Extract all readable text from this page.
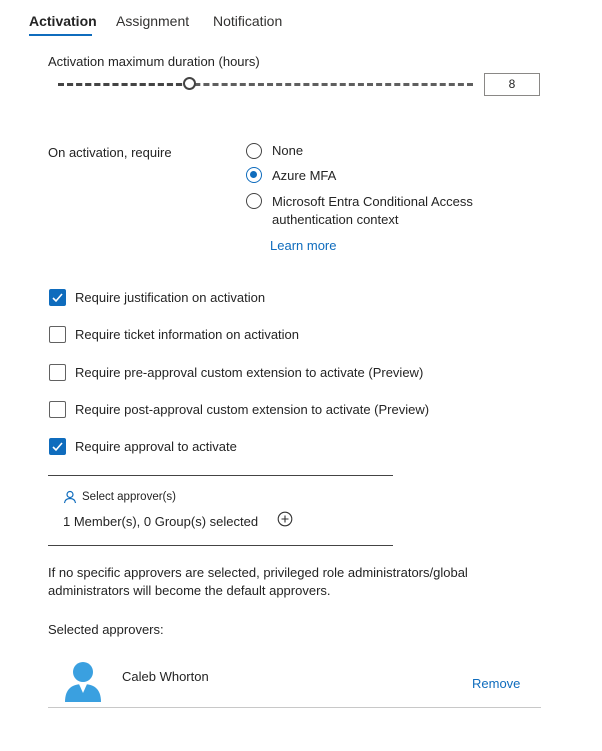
Activation Assignment Notification
Activation maximum duration (hours)
8
On activation, require	None
Azure MFA
Microsoft Entra Conditional Access
authentication context
Learn more
Require justification on activation
Require ticket information on activation
Require pre-approval custom extension to activate (Preview)
Require post-approval custom extension to activate (Preview)
Require approval to activate
Select approver(s)
1 Member(s), 0 Group(s) selected
If no specific approvers are selected, privileged role administrators/global administrators will become the default approvers.
Selected approvers:
Caleb Whorton	Remove
